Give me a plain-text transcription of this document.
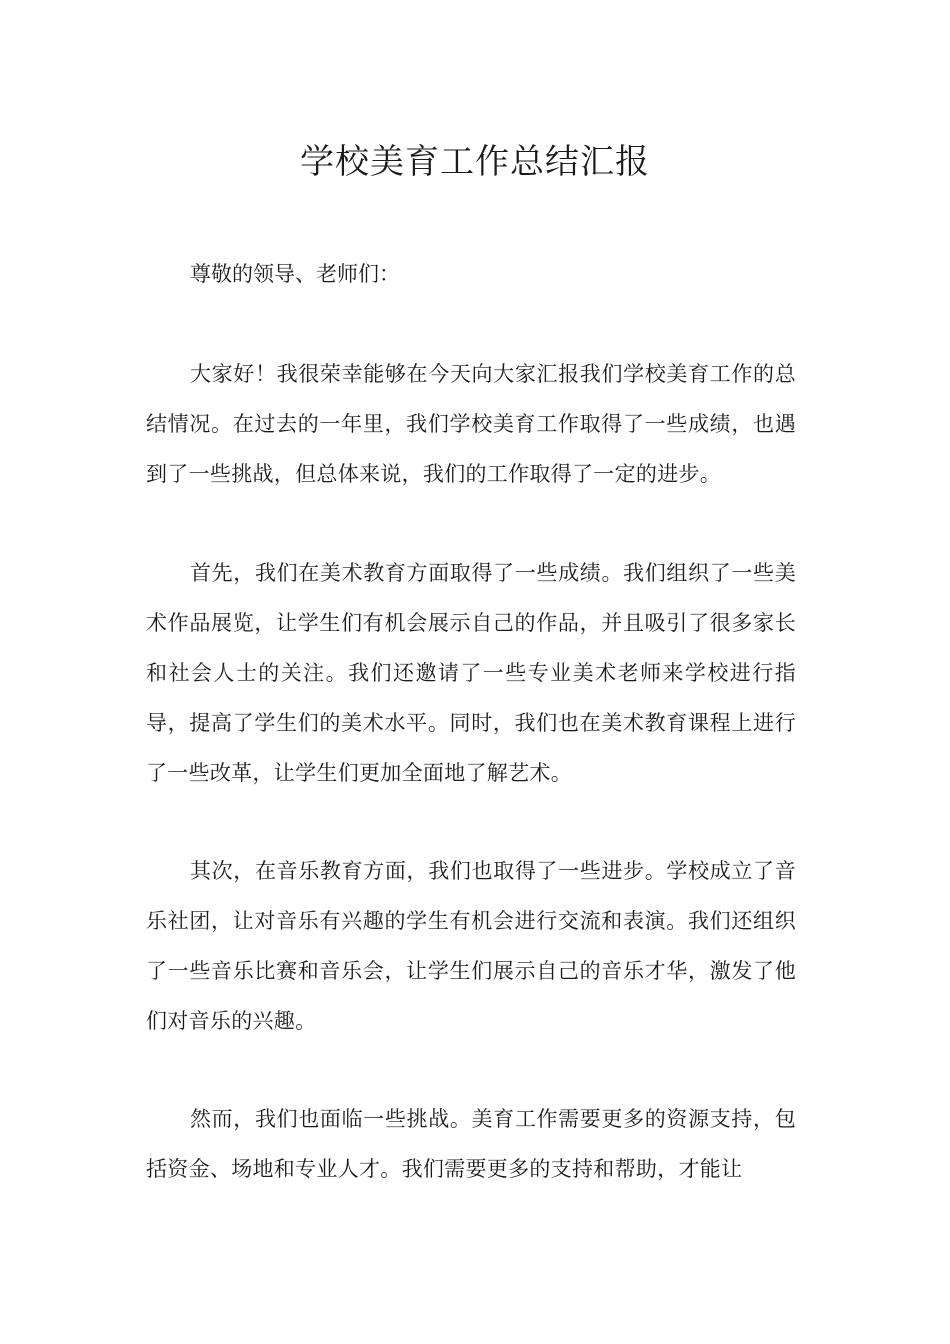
学校美育工作总结汇报

尊敬的领导、老师们：

大家好！我很荣幸能够在今天向大家汇报我们学校美育工作的总结情况。在过去的一年里，我们学校美育工作取得了一些成绩，也遇到了一些挑战，但总体来说，我们的工作取得了一定的进步。

首先，我们在美术教育方面取得了一些成绩。我们组织了一些美术作品展览，让学生们有机会展示自己的作品，并且吸引了很多家长和社会人士的关注。我们还邀请了一些专业美术老师来学校进行指导，提高了学生们的美术水平。同时，我们也在美术教育课程上进行了一些改革，让学生们更加全面地了解艺术。

其次，在音乐教育方面，我们也取得了一些进步。学校成立了音乐社团，让对音乐有兴趣的学生有机会进行交流和表演。我们还组织了一些音乐比赛和音乐会，让学生们展示自己的音乐才华，激发了他们对音乐的兴趣。

然而，我们也面临一些挑战。美育工作需要更多的资源支持，包括资金、场地和专业人才。我们需要更多的支持和帮助，才能让
